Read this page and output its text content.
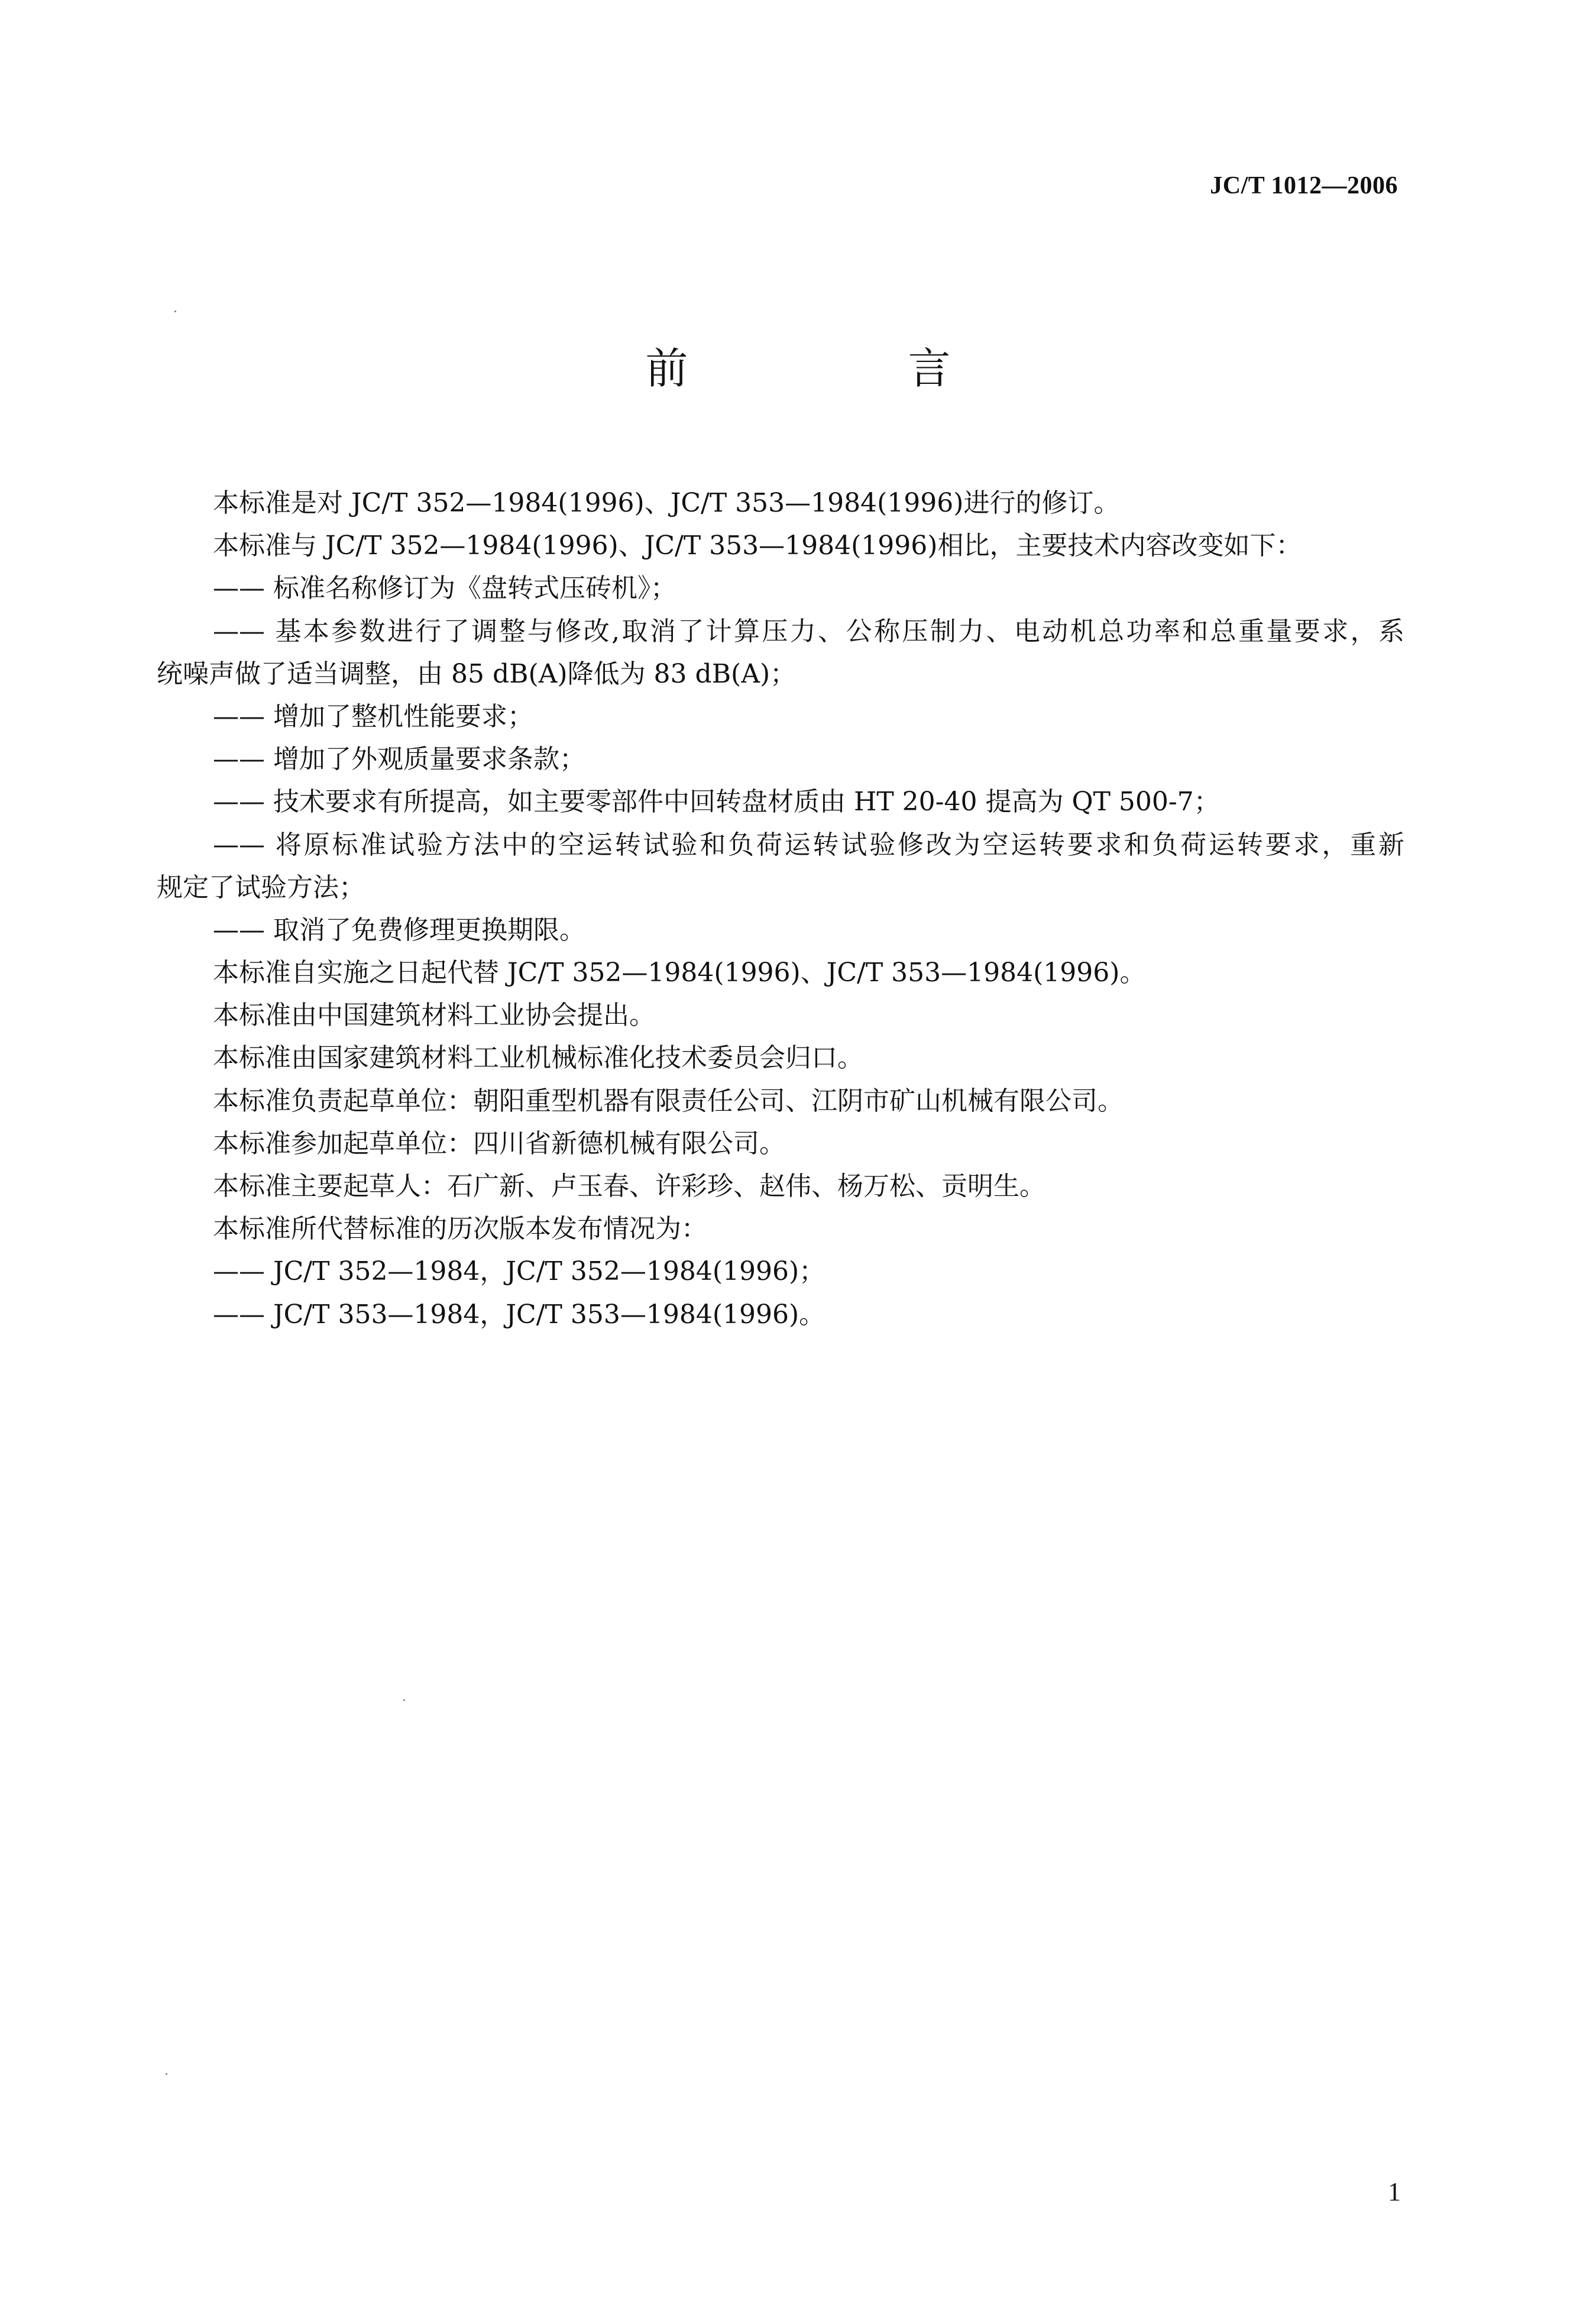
JC/T 1012—2006
前　言
本标准是对 JC/T 352—1984(1996)、JC/T 353—1984(1996)进行的修订。
本标准与 JC/T 352—1984(1996)、JC/T 353—1984(1996)相比，主要技术内容改变如下：
—— 标准名称修订为《盘转式压砖机》；
—— 基本参数进行了调整与修改,取消了计算压力、公称压制力、电动机总功率和总重量要求，系
统噪声做了适当调整，由 85 dB(A)降低为 83 dB(A)；
—— 增加了整机性能要求；
—— 增加了外观质量要求条款；
—— 技术要求有所提高，如主要零部件中回转盘材质由 HT 20-40 提高为 QT 500-7；
—— 将原标准试验方法中的空运转试验和负荷运转试验修改为空运转要求和负荷运转要求，重新
规定了试验方法；
—— 取消了免费修理更换期限。
本标准自实施之日起代替 JC/T 352—1984(1996)、JC/T 353—1984(1996)。
本标准由中国建筑材料工业协会提出。
本标准由国家建筑材料工业机械标准化技术委员会归口。
本标准负责起草单位：朝阳重型机器有限责任公司、江阴市矿山机械有限公司。
本标准参加起草单位：四川省新德机械有限公司。
本标准主要起草人：石广新、卢玉春、许彩珍、赵伟、杨万松、贡明生。
本标准所代替标准的历次版本发布情况为：
—— JC/T 352—1984，JC/T 352—1984(1996)；
—— JC/T 353—1984，JC/T 353—1984(1996)。
1
